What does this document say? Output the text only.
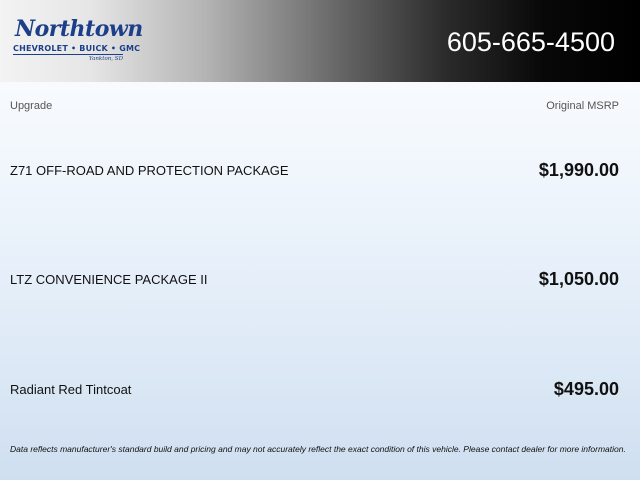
Northtown
CHEVROLET • BUICK • GMC
Yankton, SD
605-665-4500
Upgrade	Original MSRP
Z71 OFF-ROAD AND PROTECTION PACKAGE	$1,990.00
LTZ CONVENIENCE PACKAGE II	$1,050.00
Radiant Red Tintcoat	$495.00
Data reflects manufacturer's standard build and pricing and may not accurately reflect the exact condition of this vehicle. Please contact dealer for more information.
